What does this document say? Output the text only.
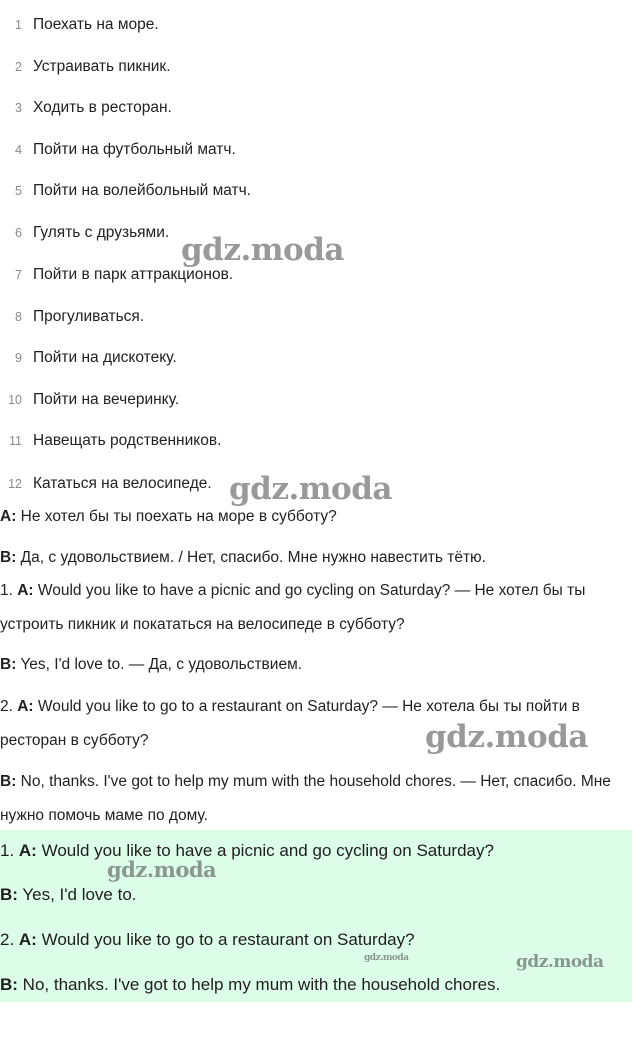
1 Поехать на море.
2 Устраивать пикник.
3 Ходить в ресторан.
4 Пойти на футбольный матч.
5 Пойти на волейбольный матч.
6 Гулять с друзьями.
7 Пойти в парк аттракционов.
8 Прогуливаться.
9 Пойти на дискотеку.
10 Пойти на вечеринку.
11 Навещать родственников.
12 Кататься на велосипеде.
A: Не хотел бы ты поехать на море в субботу?
B: Да, с удовольствием. / Нет, спасибо. Мне нужно навестить тётю.
1. A: Would you like to have a picnic and go cycling on Saturday? — Не хотел бы ты устроить пикник и покататься на велосипеде в субботу?
B: Yes, I'd love to. — Да, с удовольствием.
2. A: Would you like to go to a restaurant on Saturday? — Не хотела бы ты пойти в ресторан в субботу?
B: No, thanks. I've got to help my mum with the household chores. — Нет, спасибо. Мне нужно помочь маме по дому.
1. A: Would you like to have a picnic and go cycling on Saturday?
B: Yes, I'd love to.
2. A: Would you like to go to a restaurant on Saturday?
B: No, thanks. I've got to help my mum with the household chores.
gdz.moda
gdz.moda
gdz.moda
gdz.moda
gdz.moda	gdz.moda
